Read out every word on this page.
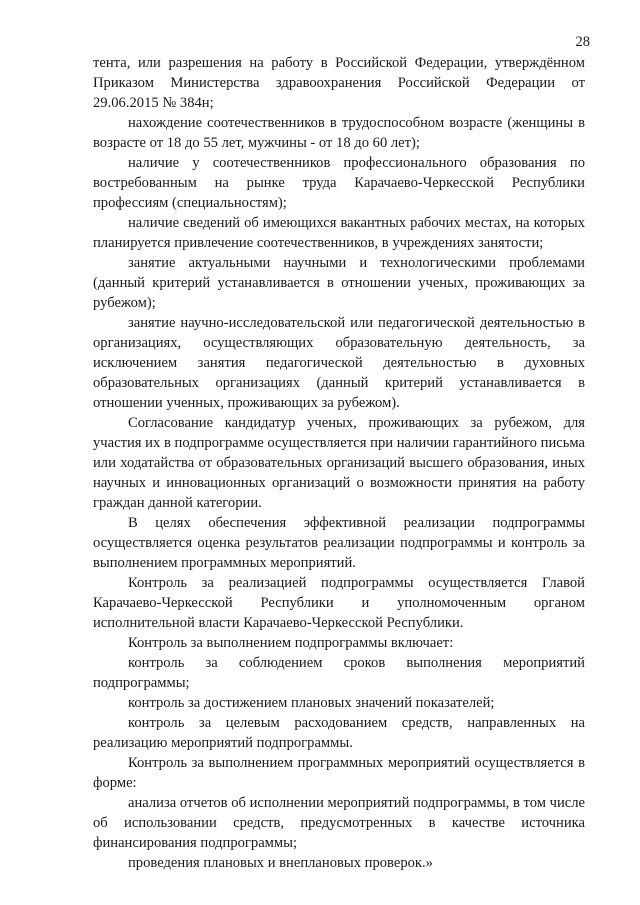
28

тента, или разрешения на работу в Российской Федерации, утверждённом Приказом Министерства здравоохранения Российской Федерации от 29.06.2015 № 384н;

нахождение соотечественников в трудоспособном возрасте (женщины в возрасте от 18 до 55 лет, мужчины - от 18 до 60 лет);

наличие у соотечественников профессионального образования по востребованным на рынке труда Карачаево-Черкесской Республики профессиям (специальностям);

наличие сведений об имеющихся вакантных рабочих местах, на которых планируется привлечение соотечественников, в учреждениях занятости;

занятие актуальными научными и технологическими проблемами (данный критерий устанавливается в отношении ученых, проживающих за рубежом);

занятие научно-исследовательской или педагогической деятельностью в организациях, осуществляющих образовательную деятельность, за исключением занятия педагогической деятельностью в духовных образовательных организациях (данный критерий устанавливается в отношении ученных, проживающих за рубежом).

Согласование кандидатур ученых, проживающих за рубежом, для участия их в подпрограмме осуществляется при наличии гарантийного письма или ходатайства от образовательных организаций высшего образования, иных научных и инновационных организаций о возможности принятия на работу граждан данной категории.

В целях обеспечения эффективной реализации подпрограммы осуществляется оценка результатов реализации подпрограммы и контроль за выполнением программных мероприятий.

Контроль за реализацией подпрограммы осуществляется Главой Карачаево-Черкесской Республики и уполномоченным органом исполнительной власти Карачаево-Черкесской Республики.

Контроль за выполнением подпрограммы включает:

контроль за соблюдением сроков выполнения мероприятий подпрограммы;

контроль за достижением плановых значений показателей;

контроль за целевым расходованием средств, направленных на реализацию мероприятий подпрограммы.

Контроль за выполнением программных мероприятий осуществляется в форме:

анализа отчетов об исполнении мероприятий подпрограммы, в том числе об использовании средств, предусмотренных в качестве источника финансирования подпрограммы;

проведения плановых и внеплановых проверок.»
